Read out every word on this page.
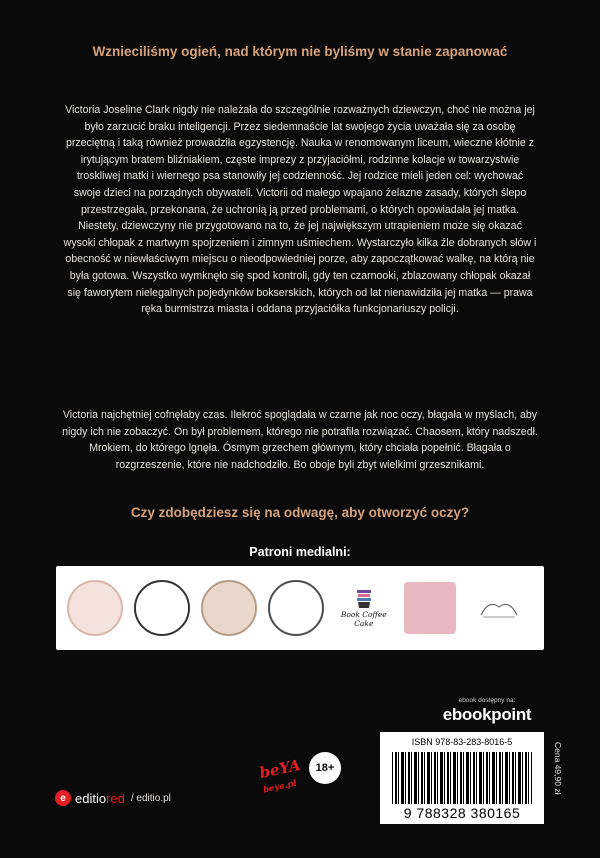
Wznieciliśmy ogień, nad którym nie byliśmy w stanie zapanować

Victoria Joseline Clark nigdy nie należała do szczególnie rozważnych dziewczyn, choć nie można jej było zarzucić braku inteligencji. Przez siedemnaście lat swojego życia uważała się za osobę przeciętną i taką również prowadziła egzystencję. Nauka w renomowanym liceum, wieczne kłótnie z irytującym bratem bliźniakiem, częste imprezy z przyjaciółmi, rodzinne kolacje w towarzystwie troskliwej matki i wiernego psa stanowiły jej codzienność. Jej rodzice mieli jeden cel: wychować swoje dzieci na porządnych obywateli. Victorii od małego wpajano żelazne zasady, których ślepo przestrzegała, przekonana, że uchronią ją przed problemami, o których opowiadała jej matka. Niestety, dziewczyny nie przygotowano na to, że jej największym utrapieniem może się okazać wysoki chłopak z martwym spojrzeniem i zimnym uśmiechem. Wystarczyło kilka źle dobranych słów i obecność w niewłaściwym miejscu o nieodpowiedniej porze, aby zapoczątkować walkę, na którą nie była gotowa. Wszystko wymknęło się spod kontroli, gdy ten czarnooki, zblazowany chłopak okazał się faworytem nielegalnych pojedynków bokserskich, których od lat nienawidziła jej matka — prawa ręka burmistrza miasta i oddana przyjaciółka funkcjonariuszy policji.

Victoria najchętniej cofnęłaby czas. Ilekroć spoglądała w czarne jak noc oczy, błagała w myślach, aby nigdy ich nie zobaczyć. On był problemem, którego nie potrafiła rozwiązać. Chaosem, który nadszedł. Mrokiem, do którego lgnęła. Ósmym grzechem głównym, który chciała popełnić. Błagała o rozgrzeszenie, które nie nadchodziło. Bo oboje byli zbyt wielkimi grzesznikami.

Czy zdobędziesz się na odwagę, aby otworzyć oczy?
Patroni medialni:
Book Coffee Cake
ebook dostępny na:
ebookpoint
ISBN 978-83-283-8016-5
9 788328 380165
Cena 49,90 zł
beYA
beya.pl
18+
e editiored / editio.pl
